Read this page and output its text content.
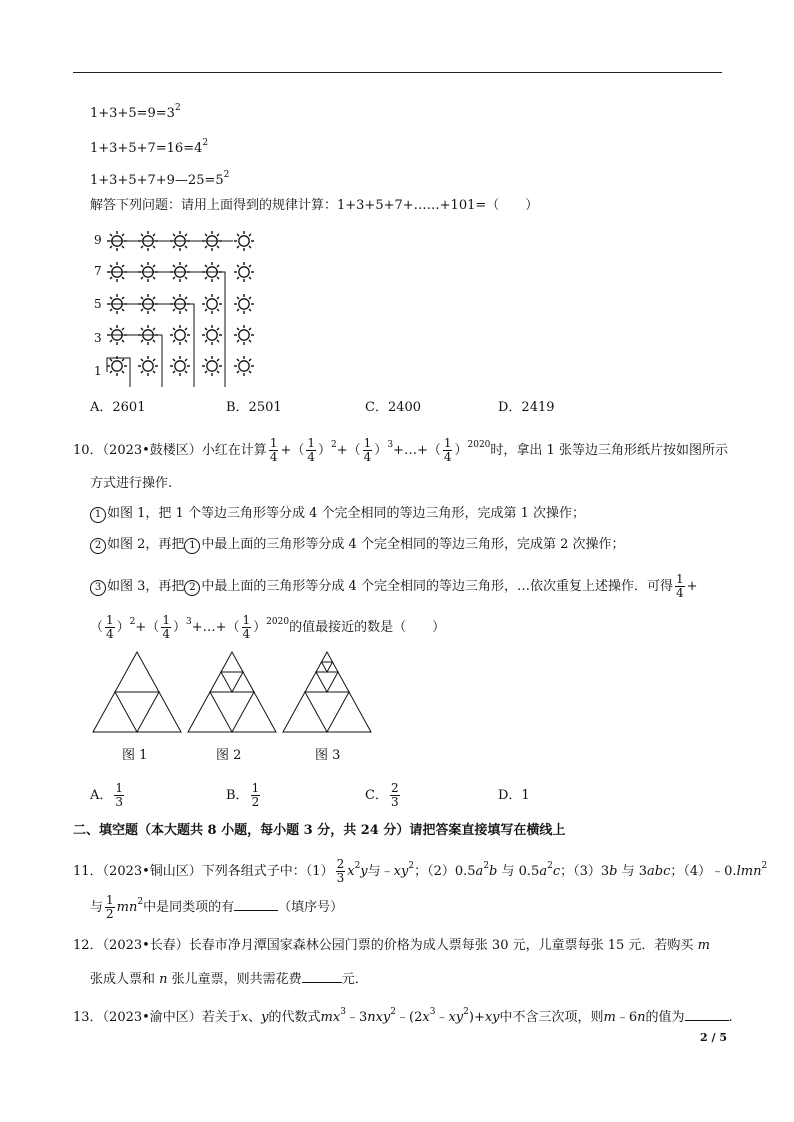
$1+3+5=9=3^2$
$1+3+5+7=16=4^2$
$1+3+5+7+9—25=5^2$
解答下列问题：请用上面得到的规律计算：1+3+5+7+……+101=（　　）
9
7
5
3
1
A．2601	B．2501	C．2400	D．2419
10．（2023•鼓楼区）小红在计算 $\frac{1}{4}$ +（ $\frac{1}{4} )^2+( \frac{1}{4}$ ）$^3+\dots+( \frac{1}{4} )^{2020}$时，拿出 1 张等边三角形纸片按如图所示
方式进行操作.
1 如图 1，把 1 个等边三角形等分成 4 个完全相同的等边三角形，完成第 1 次操作；
2 如图 2，再把 1 中最上面的三角形等分成 4 个完全相同的等边三角形，完成第 2 次操作；
3 如图 3，再把 2 中最上面的三角形等分成 4 个完全相同的等边三角形，…依次重复上述操作．可得 $\frac{1}{4}$ +
（ $\frac{1}{4} )^2+( \frac{1}{4}$ ）$^3+\dots+( \frac{1}{4} )^{2020}$的值最接近的数是（　　）
图 1	图 2	图 3
A． $\frac{1}{3}$	B． $\frac{1}{2}$	C． $\frac{2}{3}$	D．1
二、填空题（本大题共 8 小题，每小题 3 分，共 24 分）请把答案直接填写在横线上
11．（2023•铜山区）下列各组式子中：$(1) \frac{2}{3} x^2y$与$﹣xy^2$；$(2)0.5a^2b$ 与 $0.5a^2c$；（3）3b 与 3abc；（4）﹣0.lmn$^2$
与 $\frac{1}{2} mn^2$中是同类项的有	（填序号）
12．（2023•长春）长春市净月潭国家森林公园门票的价格为成人票每张 30 元，儿童票每张 15 元．若购买 m
张成人票和 n 张儿童票，则共需花费	元．
13．（2023•渝中区）若关于x、y的代数式$mx^3﹣3nxy^2﹣(2x^3﹣xy^2)+xy$中不含三次项，则m﹣6n的值为	.
2 / 5
